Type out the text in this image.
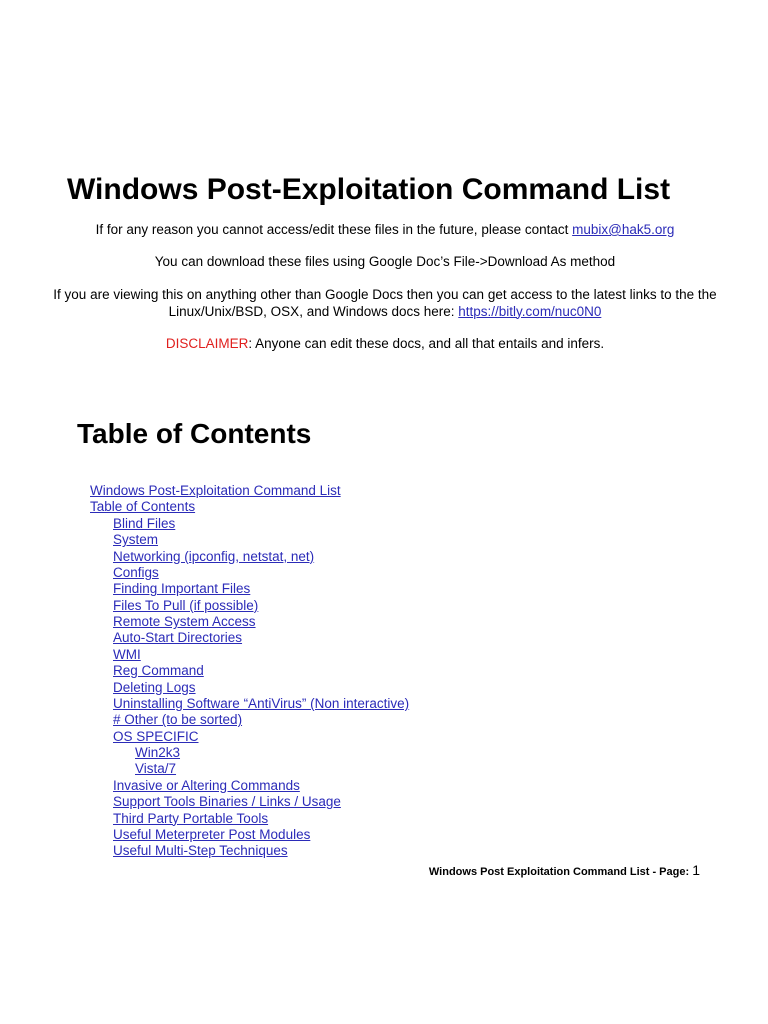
Windows Post-Exploitation Command List

If for any reason you cannot access/edit these files in the future, please contact mubix@hak5.org

You can download these files using Google Doc’s File->Download As method

If you are viewing this on anything other than Google Docs then you can get access to the latest links to the the Linux/Unix/BSD, OSX, and Windows docs here: https://bitly.com/nuc0N0

DISCLAIMER: Anyone can edit these docs, and all that entails and infers.

Table of Contents
Windows Post-Exploitation Command List
Table of Contents
Blind Files
System
Networking (ipconfig, netstat, net)
Configs
Finding Important Files
Files To Pull (if possible)
Remote System Access
Auto-Start Directories
WMI
Reg Command
Deleting Logs
Uninstalling Software “AntiVirus” (Non interactive)
# Other (to be sorted)
OS SPECIFIC
Win2k3
Vista/7
Invasive or Altering Commands
Support Tools Binaries / Links / Usage
Third Party Portable Tools
Useful Meterpreter Post Modules
Useful Multi-Step Techniques
Windows Post Exploitation Command List - Page: 1
